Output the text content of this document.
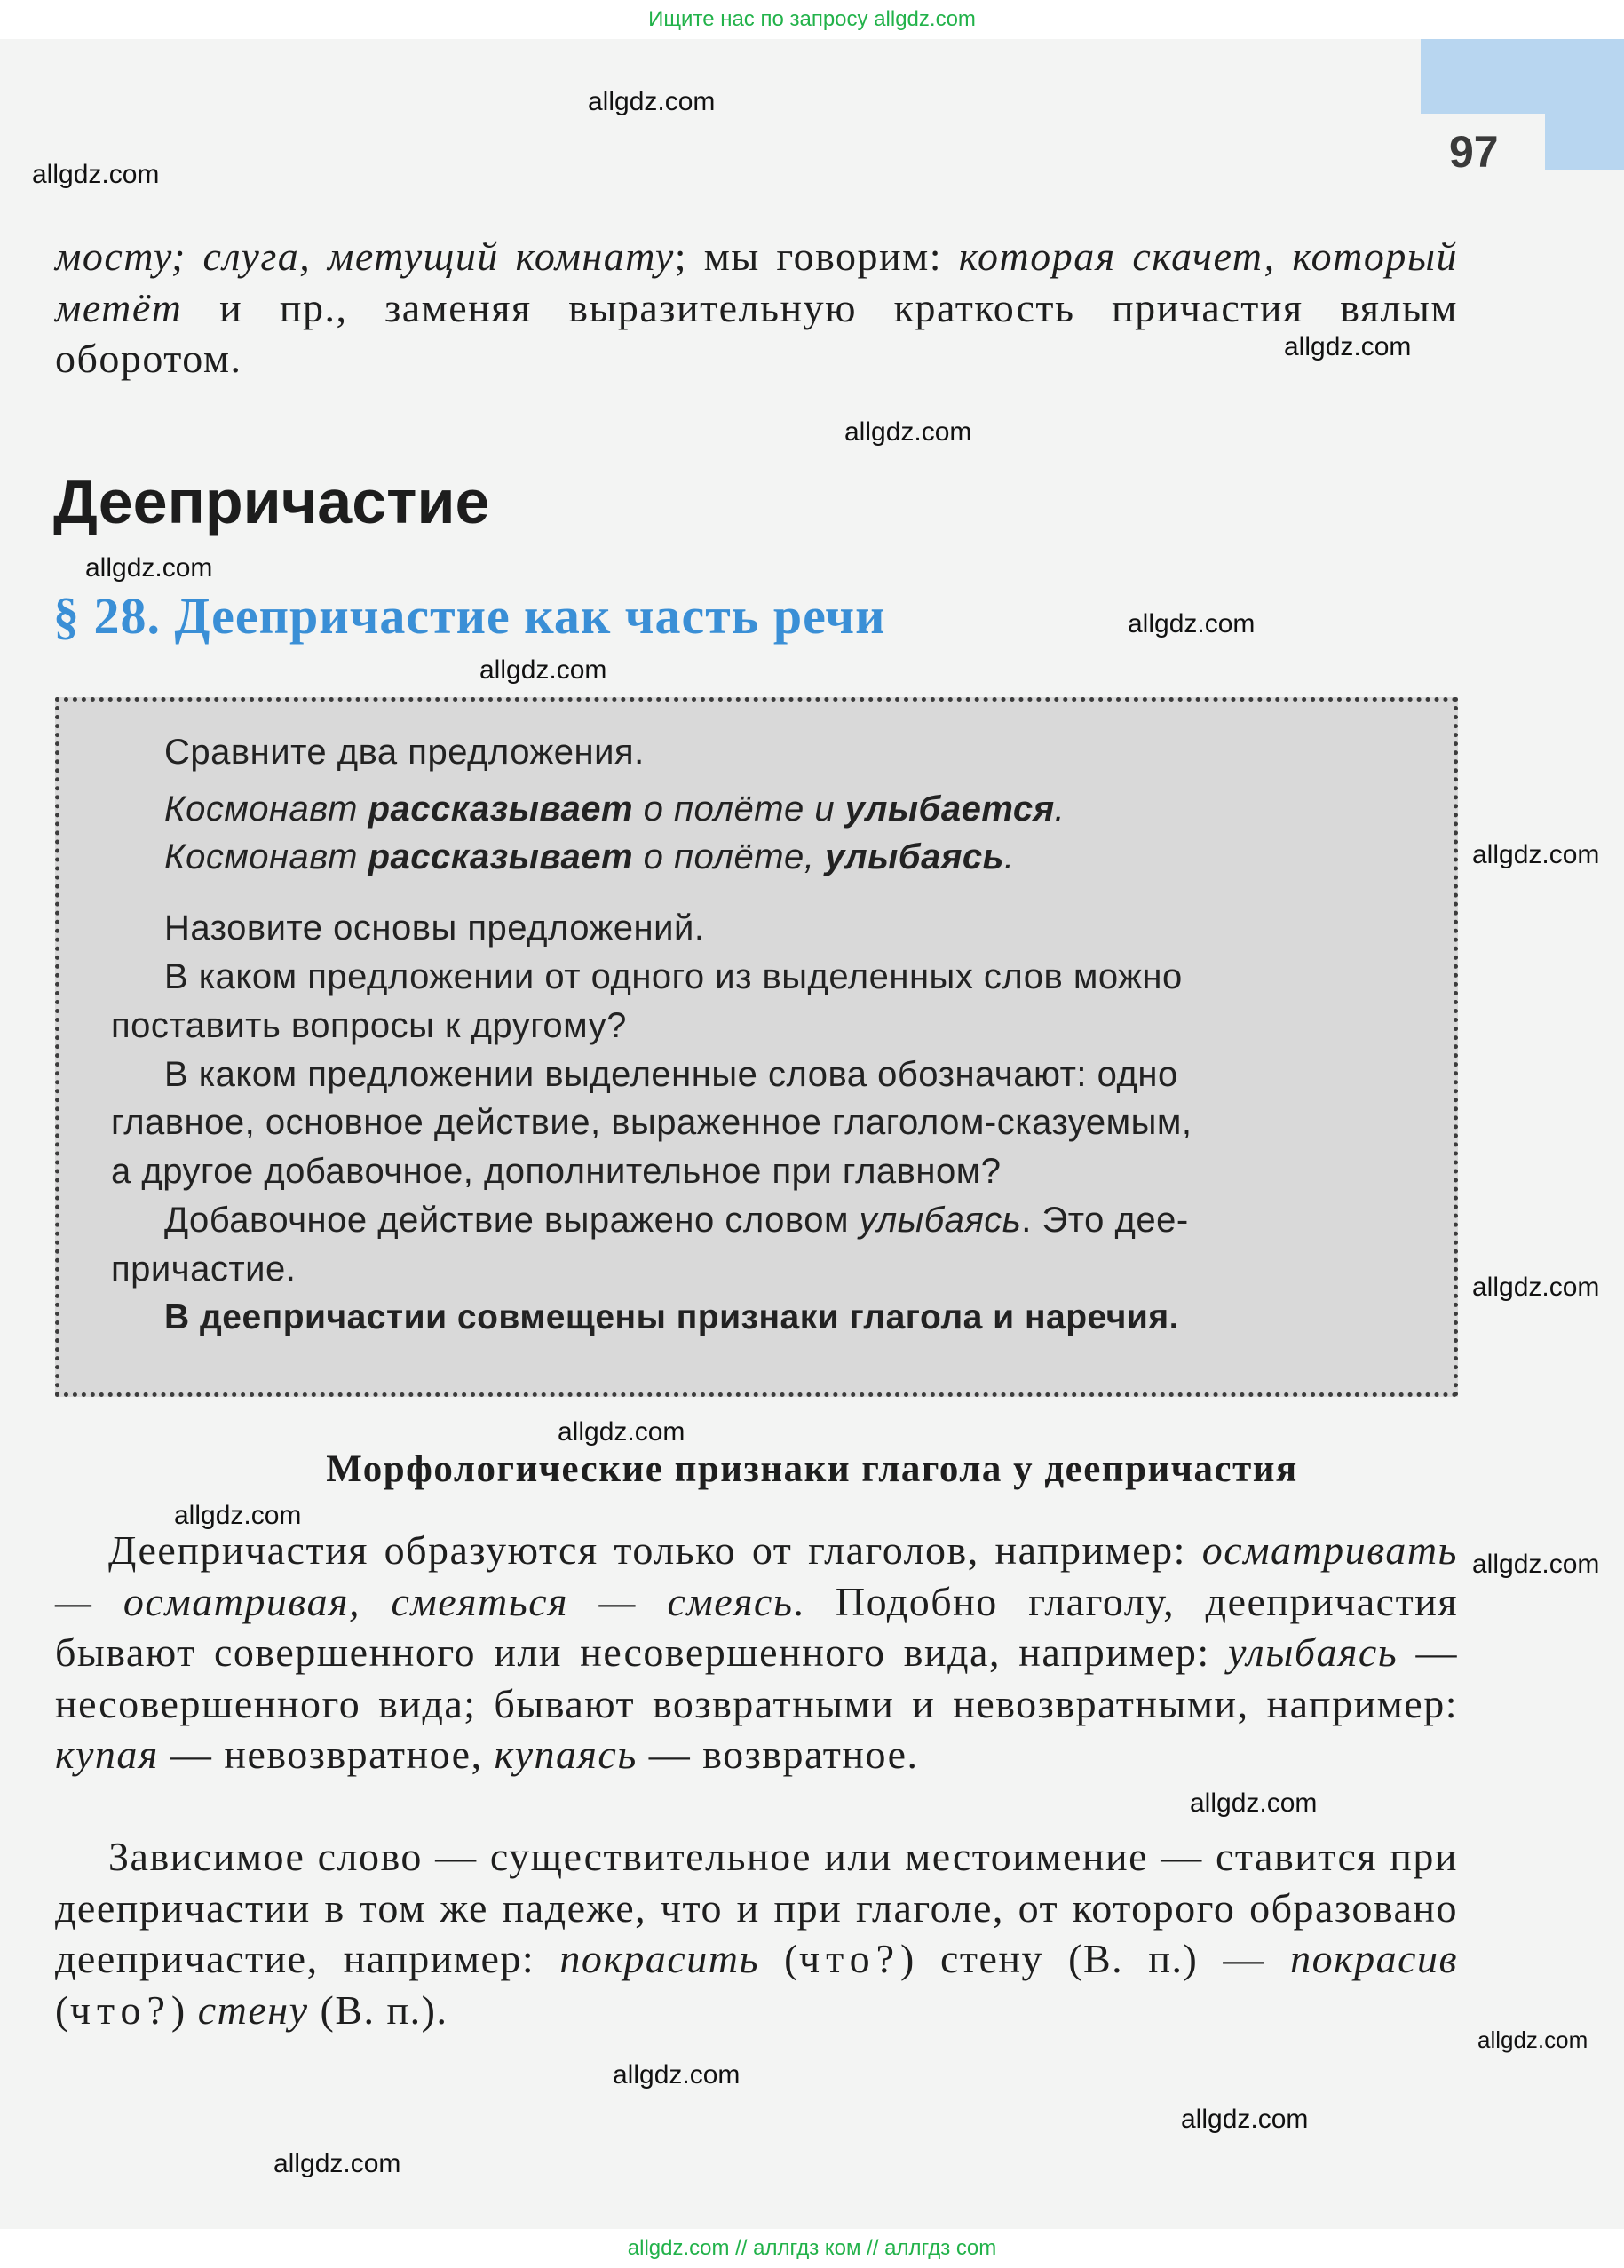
Ищите нас по запросу allgdz.com
97
allgdz.com
allgdz.com
allgdz.com
allgdz.com
allgdz.com
allgdz.com
allgdz.com
allgdz.com
allgdz.com
allgdz.com
allgdz.com
allgdz.com
allgdz.com
allgdz.com
allgdz.com
allgdz.com
allgdz.com

мосту; слуга, метущий комнату; мы говорим: которая скачет, который метёт и пр., заменяя выразительную краткость причастия вялым оборотом.

Деепричастие
§ 28. Деепричастие как часть речи

Сравните два предложения.

Космонавт рассказывает о полёте и улыбается.

Космонавт рассказывает о полёте, улыбаясь.

Назовите основы предложений.

В каком предложении от одного из выделенных слов можно

поставить вопросы к другому?

В каком предложении выделенные слова обозначают: одно

главное, основное действие, выраженное глаголом-сказуемым,

а другое добавочное, дополнительное при главном?

Добавочное действие выражено словом улыбаясь. Это дее-

причастие.

В деепричастии совмещены признаки глагола и наречия.

Морфологические признаки глагола у деепричастия

Деепричастия образуются только от глаголов, например: осматривать — осматривая, смеяться — смеясь. Подобно глаголу, деепричастия бывают совершенного или несовершенного вида, например: улыбаясь — несовершенного вида; бывают возвратными и невозвратными, например: купая — невозвратное, купаясь — возвратное.

Зависимое слово — существительное или местоимение — ставится при деепричастии в том же падеже, что и при глаголе, от которого образовано деепричастие, например: покрасить (что?) стену (В. п.) — покрасив (что?) стену (В. п.).

allgdz.com // аллгдз ком // аллгдз com
